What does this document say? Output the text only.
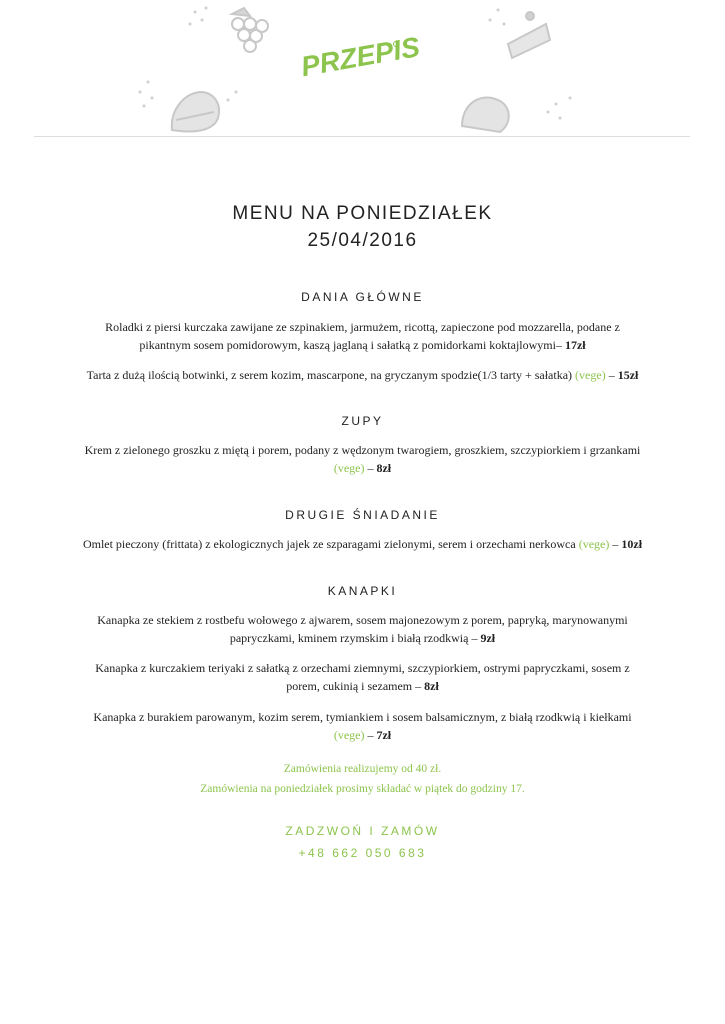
PRZEPIS
MENU NA PONIEDZIAŁEK
25/04/2016
DANIA GŁÓWNE
Roladki z piersi kurczaka zawijane ze szpinakiem, jarmużem, ricottą, zapieczone pod mozzarella, podane z pikantnym sosem pomidorowym, kaszą jaglaną i sałatką z pomidorkami koktajlowymi– 17zł
Tarta z dużą ilością botwinki, z serem kozim, mascarpone, na gryczanym spodzie(1/3 tarty + sałatka) (vege) – 15zł
ZUPY
Krem z zielonego groszku z miętą i porem, podany z wędzonym twarogiem, groszkiem, szczypiorkiem i grzankami (vege) – 8zł
DRUGIE ŚNIADANIE
Omlet pieczony (frittata) z ekologicznych jajek ze szparagami zielonymi, serem i orzechami nerkowca (vege) – 10zł
KANAPKI
Kanapka ze stekiem z rostbefu wołowego z ajwarem, sosem majonezowym z porem, papryką, marynowanymi papryczkami, kminem rzymskim i białą rzodkwią – 9zł
Kanapka z kurczakiem teriyaki z sałatką z orzechami ziemnymi, szczypiorkiem, ostrymi papryczkami, sosem z porem, cukinią i sezamem – 8zł
Kanapka z burakiem parowanym, kozim serem, tymiankiem i sosem balsamicznym, z białą rzodkwią i kiełkami (vege) – 7zł
Zamówienia realizujemy od 40 zł.
Zamówienia na poniedziałek prosimy składać w piątek do godziny 17.
ZADZWOŃ I ZAMÓW
+48 662 050 683
